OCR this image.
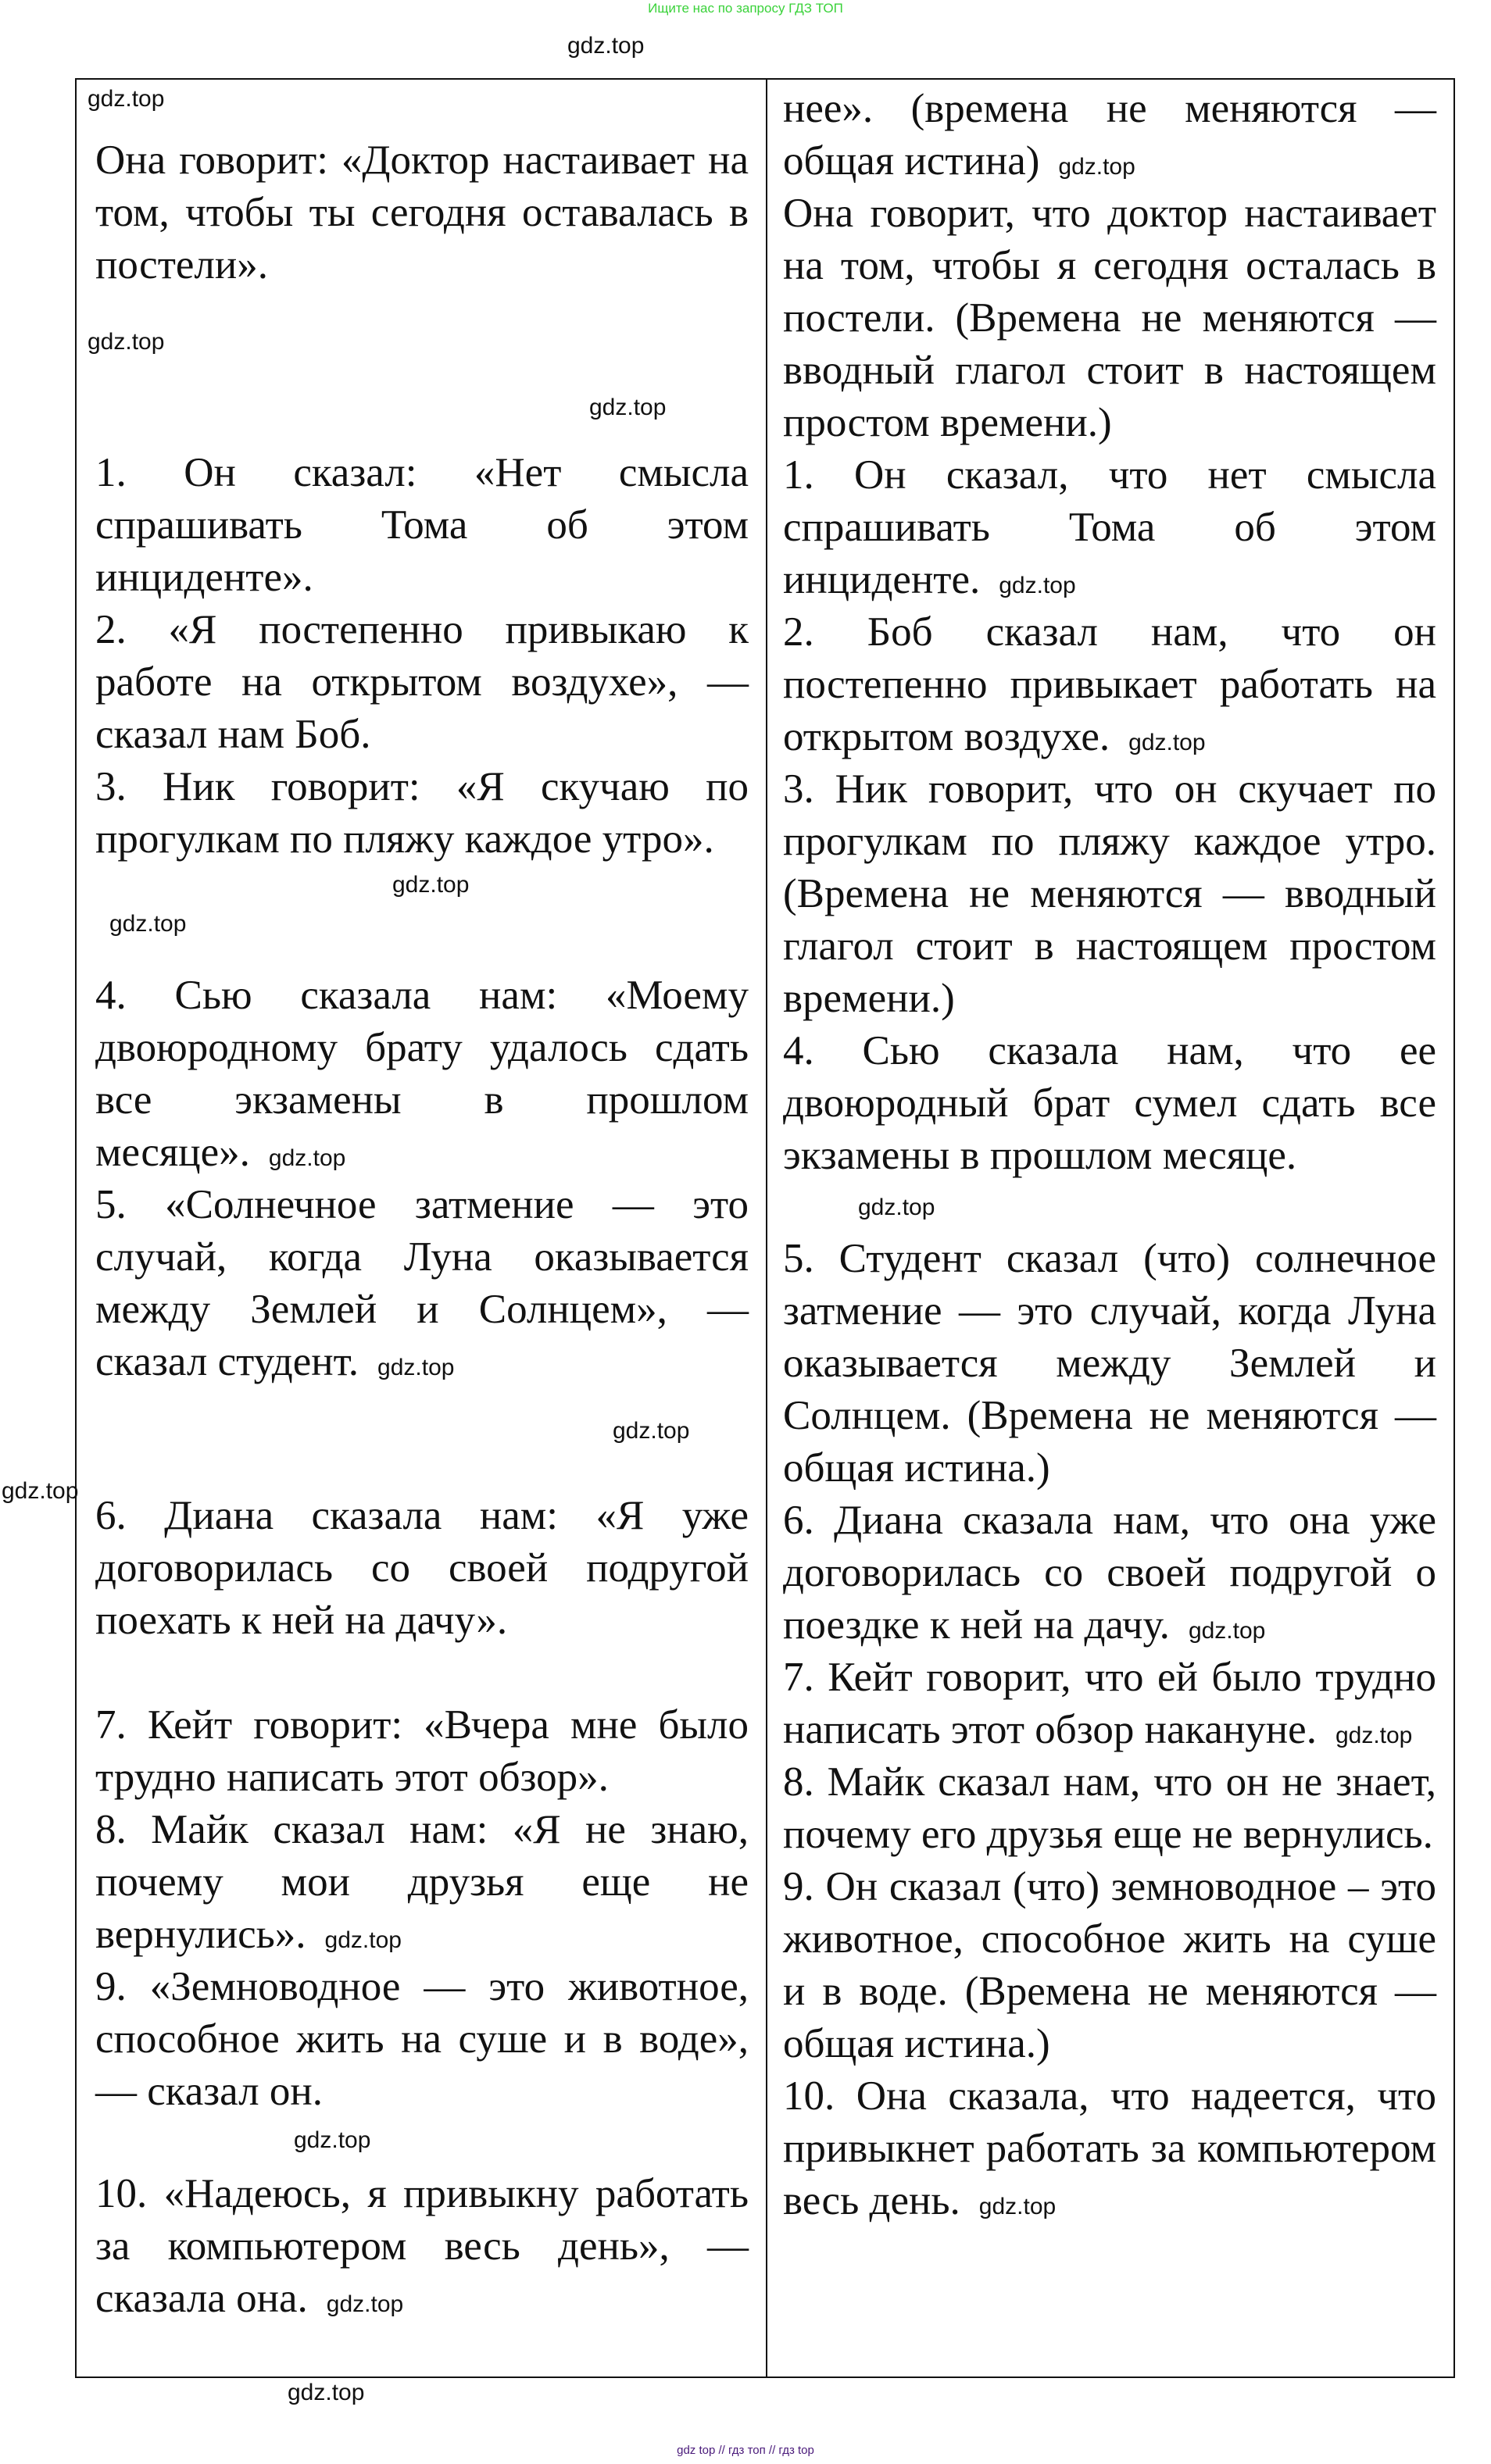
Ищите нас по запросу ГДЗ ТОП
gdz.top
gdz.top
gdz.top
gdz.top

Она говорит: «Доктор настаивает на том, чтобы ты сегодня оставалась в постели».

gdz.top
gdz.top

1. Он сказал: «Нет смысла спрашивать Тома об этом инциденте».

2. «Я постепенно привыкаю к работе на открытом воздухе», — сказал нам Боб.

3. Ник говорит: «Я скучаю по прогулкам по пляжу каждое утро».

gdz.top
gdz.top

4. Сью сказала нам: «Моему двоюродному брату удалось сдать все экзамены в прошлом месяце». gdz.top

5. «Солнечное затмение — это случай, когда Луна оказывается между Землей и Солнцем», — сказал студент. gdz.top

gdz.top

6. Диана сказала нам: «Я уже договорилась со своей подругой поехать к ней на дачу».

7. Кейт говорит: «Вчера мне было трудно написать этот обзор».

8. Майк сказал нам: «Я не знаю, почему мои друзья еще не вернулись». gdz.top

9. «Земноводное — это животное, способное жить на суше и в воде», — сказал он.

gdz.top

10. «Надеюсь, я привыкну работать за компьютером весь день», — сказала она. gdz.top

нее». (времена не меняются — общая истина) gdz.top

Она говорит, что доктор настаивает на том, чтобы я сегодня осталась в постели. (Времена не меняются — вводный глагол стоит в настоящем простом времени.)

1. Он сказал, что нет смысла спрашивать Тома об этом инциденте. gdz.top

2. Боб сказал нам, что он постепенно привыкает работать на открытом воздухе. gdz.top

3. Ник говорит, что он скучает по прогулкам по пляжу каждое утро. (Времена не меняются — вводный глагол стоит в настоящем простом времени.)

4. Сью сказала нам, что ее двоюродный брат сумел сдать все экзамены в прошлом месяце.

gdz.top

5. Студент сказал (что) солнечное затмение — это случай, когда Луна оказывается между Землей и Солнцем. (Времена не меняются — общая истина.)

6. Диана сказала нам, что она уже договорилась со своей подругой о поездке к ней на дачу. gdz.top

7. Кейт говорит, что ей было трудно написать этот обзор накануне. gdz.top

8. Майк сказал нам, что он не знает, почему его друзья еще не вернулись.

9. Он сказал (что) земноводное – это животное, способное жить на суше и в воде. (Времена не меняются — общая истина.)

10. Она сказала, что надеется, что привыкнет работать за компьютером весь день. gdz.top

gdz top // гдз топ // гдз top
